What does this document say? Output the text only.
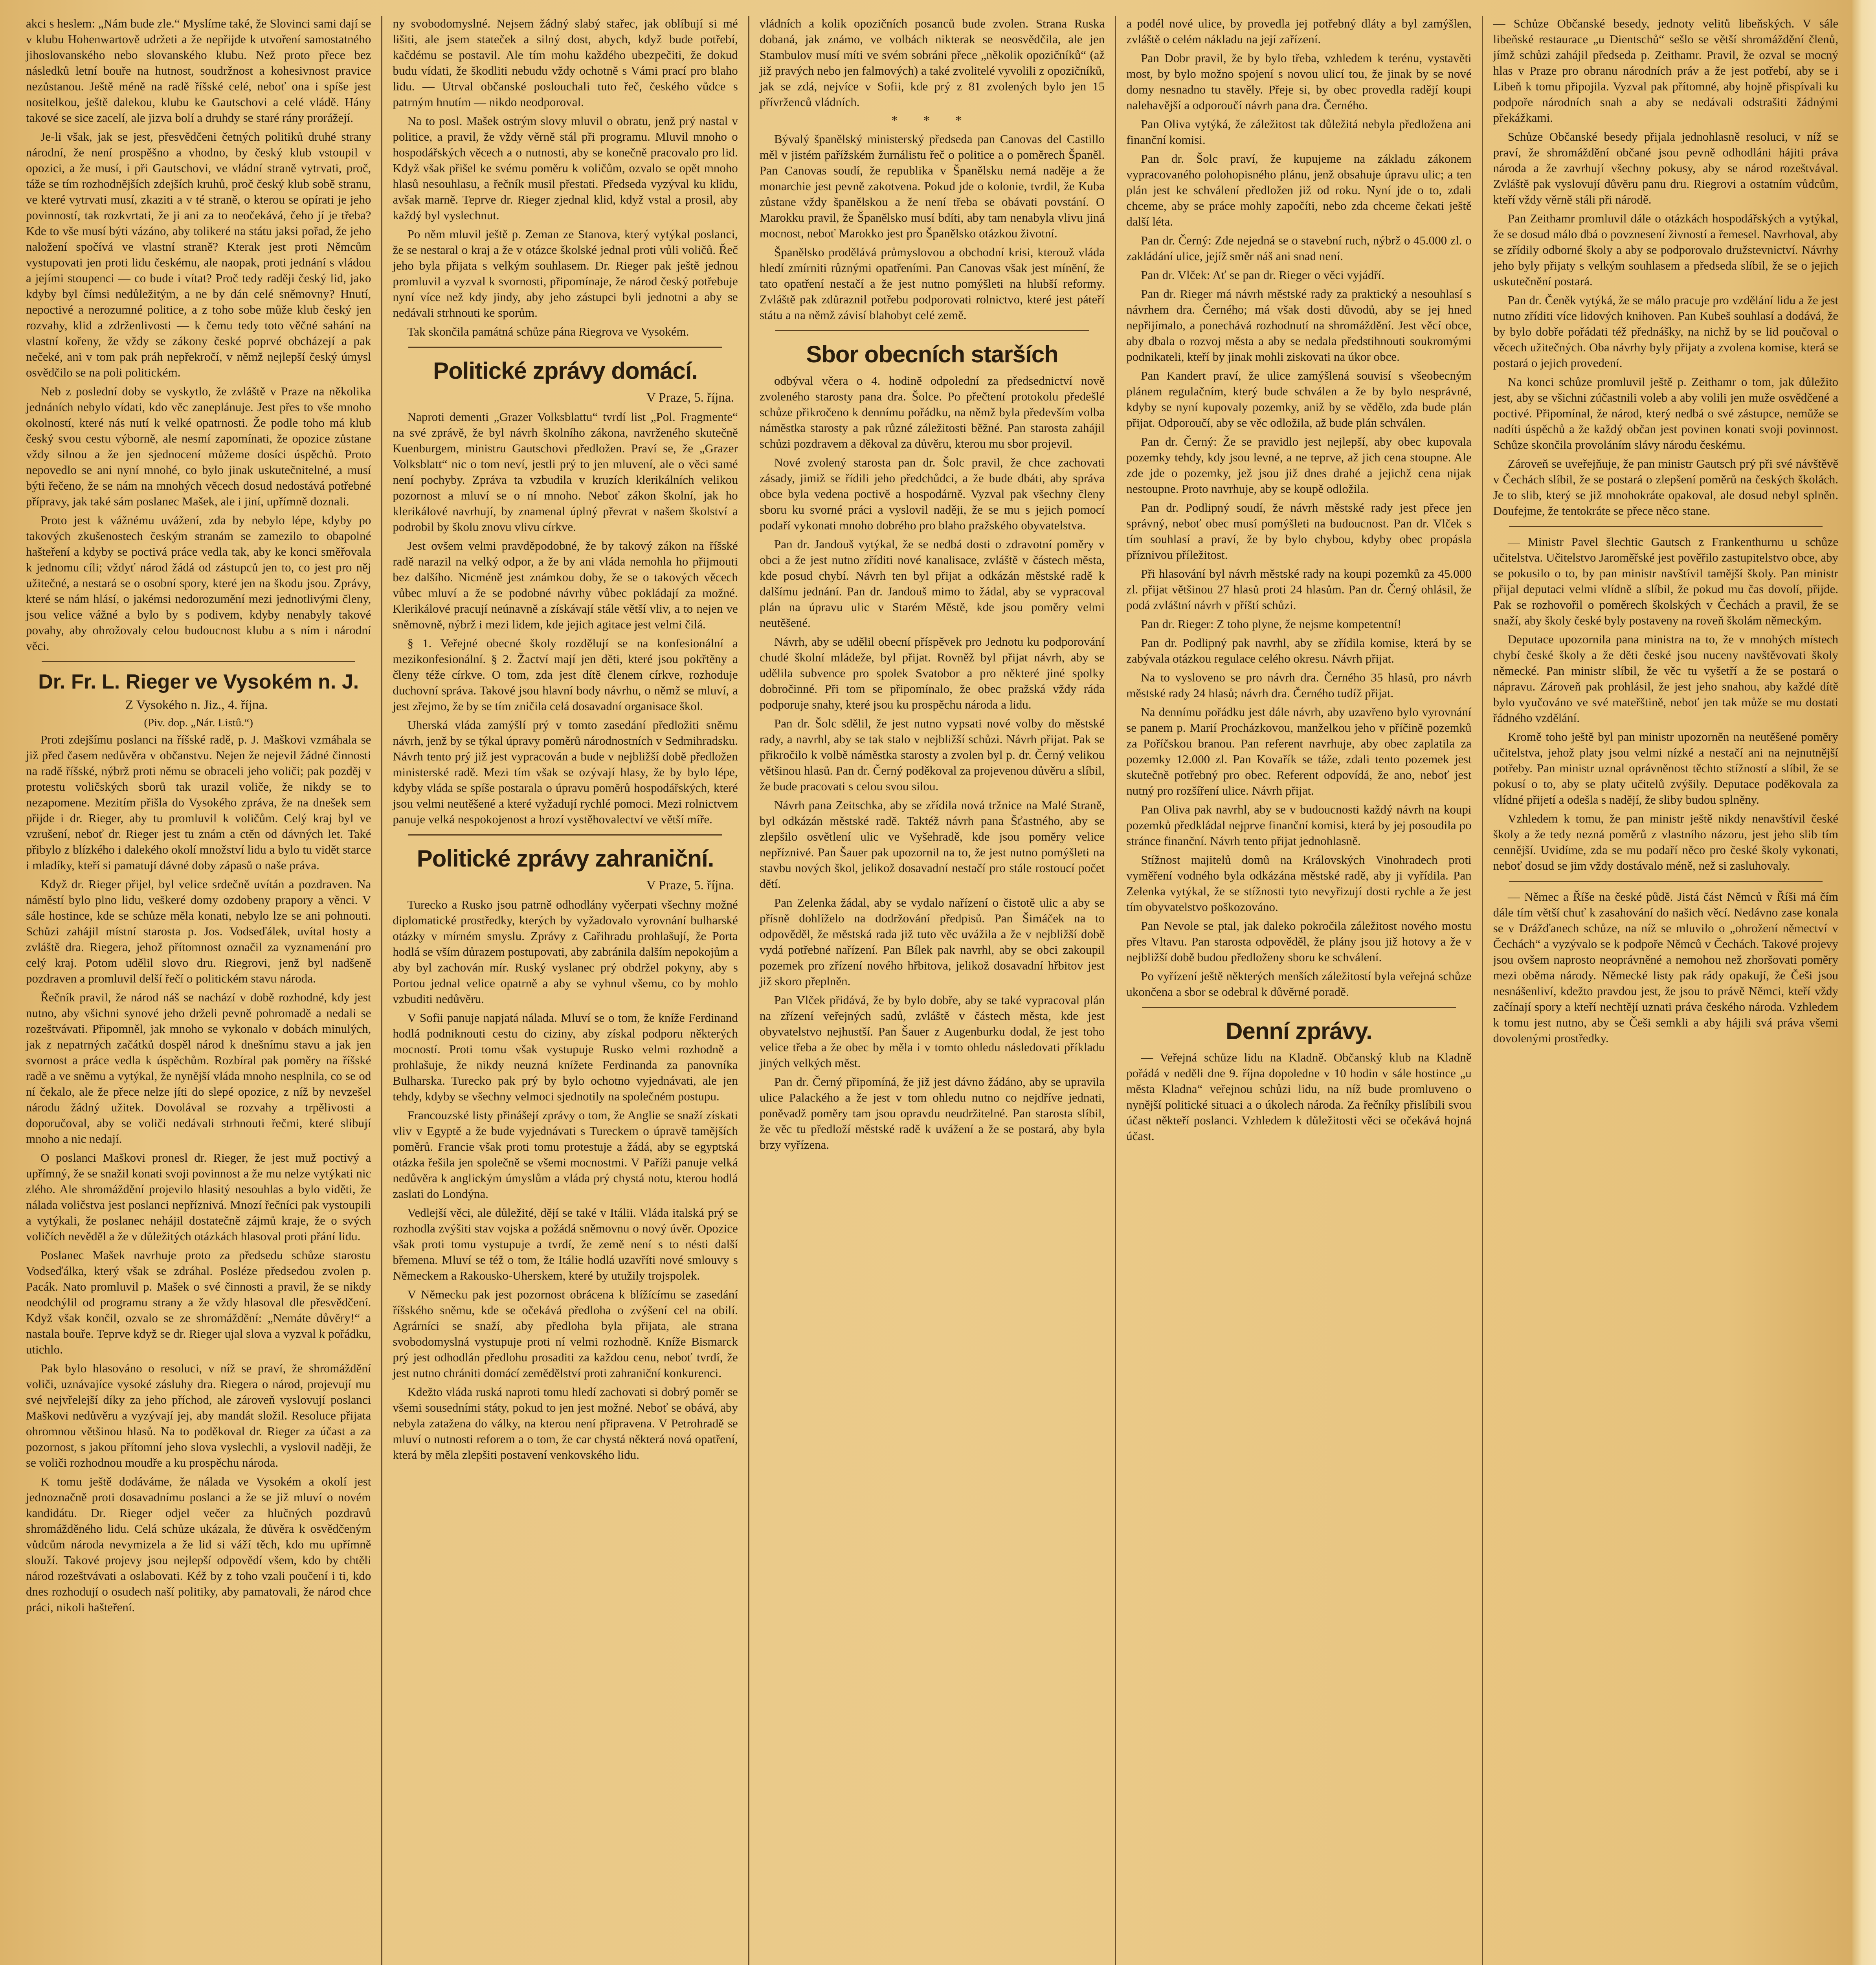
akci s heslem: „Nám bude zle.“ Myslíme také, že Slovinci sami dají se v klubu Hohenwartově udržeti a že nepřijde k utvoření samostatného jihoslovanského nebo slovanského klubu. Než proto přece bez následků letní bouře na hutnost, soudržnost a kohesivnost pravice nezůstanou. Ještě méně na radě říšské celé, neboť ona i spíše jest nositelkou, ještě dalekou, klubu ke Gautschovi a celé vládě. Hány takové se sice zacelí, ale jizva bolí a druhdy se staré rány prorážejí.

Je-li však, jak se jest, přesvědčeni četných politiků druhé strany národní, že není prospěšno a vhodno, by český klub vstoupil v opozici, a že musí, i při Gautschovi, ve vládní straně vytrvati, proč, táže se tím rozhodnějších zdejších kruhů, proč český klub sobě stranu, ve které vytrvati musí, zkaziti a v té straně, o kterou se opírati je jeho povinností, tak rozkvrtati, že ji ani za to neočekává, čeho jí je třeba? Kde to vše musí býti vázáno, aby tolikeré na státu jaksi pořad, že jeho naložení spočívá ve vlastní straně? Kterak jest proti Němcům vystupovati jen proti lidu českému, ale naopak, proti jednání s vládou a jejími stoupenci — co bude i vítat? Proč tedy raději český lid, jako kdyby byl čímsi nedůležitým, a ne by dán celé sněmovny? Hnutí, nepoctivé a nerozumné politice, a z toho sobe může klub český jen rozvahy, klid a zdrženlivosti — k čemu tedy toto věčné sahání na vlastní kořeny, že vždy se zákony české poprvé obcházejí a pak nečeké, ani v tom pak práh nepřekročí, v němž nejlepší český úmysl osvědčilo se na poli politickém.

Neb z poslední doby se vyskytlo, že zvláště v Praze na několika jednáních nebylo vídati, kdo věc zaneplánuje. Jest přes to vše mnoho okolností, které nás nutí k velké opatrnosti. Že podle toho má klub český svou cestu výborně, ale nesmí zapomínati, že opozice zůstane vždy silnou a že jen sjednocení můžeme dosíci úspěchů. Proto nepovedlo se ani nyní mnohé, co bylo jinak uskutečnitelné, a musí býti řečeno, že se nám na mnohých věcech dosud nedostává potřebné přípravy, jak také sám poslanec Mašek, ale i jiní, upřímně doznali.

Proto jest k vážnému uvážení, zda by nebylo lépe, kdyby po takových zkušenostech českým stranám se zamezilo to obapolné hašteření a kdyby se poctivá práce vedla tak, aby ke konci směřovala k jednomu cíli; vždyť národ žádá od zástupců jen to, co jest pro něj užitečné, a nestará se o osobní spory, které jen na škodu jsou. Zprávy, které se nám hlásí, o jakémsi nedorozumění mezi jednotlivými členy, jsou velice vážné a bylo by s podivem, kdyby nenabyly takové povahy, aby ohrožovaly celou budoucnost klubu a s ním i národní věci.

Dr. Fr. L. Rieger ve Vysokém n. J.
Z Vysokého n. Jiz., 4. října.
(Piv. dop. „Nár. Listů.“)

Proti zdejšímu poslanci na říšské radě, p. J. Maškovi vzmáhala se již před časem nedůvěra v občanstvu. Nejen že nejevil žádné činnosti na radě říšské, nýbrž proti němu se obraceli jeho voliči; pak pozděj v protestu voličských sborů tak urazil voliče, že nikdy se to nezapomene. Mezitím přišla do Vysokého zpráva, že na dnešek sem přijde i dr. Rieger, aby tu promluvil k voličům. Celý kraj byl ve vzrušení, neboť dr. Rieger jest tu znám a ctěn od dávných let. Také přibylo z blízkého i dalekého okolí množství lidu a bylo tu vidět starce i mladíky, kteří si pamatují dávné doby zápasů o naše práva.

Když dr. Rieger přijel, byl velice srdečně uvítán a pozdraven. Na náměstí bylo plno lidu, veškeré domy ozdobeny prapory a věnci. V sále hostince, kde se schůze měla konati, nebylo lze se ani pohnouti. Schůzi zahájil místní starosta p. Jos. Vodseďálek, uvítal hosty a zvláště dra. Riegera, jehož přítomnost označil za vyznamenání pro celý kraj. Potom udělil slovo dru. Riegrovi, jenž byl nadšeně pozdraven a promluvil delší řečí o politickém stavu národa.

Řečník pravil, že národ náš se nachází v době rozhodné, kdy jest nutno, aby všichni synové jeho drželi pevně pohromadě a nedali se rozeštvávati. Připomněl, jak mnoho se vykonalo v dobách minulých, jak z nepatrných začátků dospěl národ k dnešnímu stavu a jak jen svornost a práce vedla k úspěchům. Rozbíral pak poměry na říšské radě a ve sněmu a vytýkal, že nynější vláda mnoho nesplnila, co se od ní čekalo, ale že přece nelze jíti do slepé opozice, z níž by nevzešel národu žádný užitek. Dovolával se rozvahy a trpělivosti a doporučoval, aby se voliči nedávali strhnouti řečmi, které slibují mnoho a nic nedají.

O poslanci Maškovi pronesl dr. Rieger, že jest muž poctivý a upřímný, že se snažil konati svoji povinnost a že mu nelze vytýkati nic zlého. Ale shromáždění projevilo hlasitý nesouhlas a bylo viděti, že nálada voličstva jest poslanci nepříznivá. Mnozí řečníci pak vystoupili a vytýkali, že poslanec nehájil dostatečně zájmů kraje, že o svých voličích nevěděl a že v důležitých otázkách hlasoval proti přání lidu.

Poslanec Mašek navrhuje proto za předsedu schůze starostu Vodseďálka, který však se zdráhal. Posléze předsedou zvolen p. Pacák. Nato promluvil p. Mašek o své činnosti a pravil, že se nikdy neodchýlil od programu strany a že vždy hlasoval dle přesvědčení. Když však končil, ozvalo se ze shromáždění: „Nemáte důvěry!“ a nastala bouře. Teprve když se dr. Rieger ujal slova a vyzval k pořádku, utichlo.

Pak bylo hlasováno o resoluci, v níž se praví, že shromáždění voliči, uznávajíce vysoké zásluhy dra. Riegera o národ, projevují mu své nejvřelejší díky za jeho příchod, ale zároveň vyslovují poslanci Maškovi nedůvěru a vyzývají jej, aby mandát složil. Resoluce přijata ohromnou většinou hlasů. Na to poděkoval dr. Rieger za účast a za pozornost, s jakou přítomní jeho slova vyslechli, a vyslovil naději, že se voliči rozhodnou moudře a ku prospěchu národa.

K tomu ještě dodáváme, že nálada ve Vysokém a okolí jest jednoznačně proti dosavadnímu poslanci a že se již mluví o novém kandidátu. Dr. Rieger odjel večer za hlučných pozdravů shromážděného lidu. Celá schůze ukázala, že důvěra k osvědčeným vůdcům národa nevymizela a že lid si váží těch, kdo mu upřímně slouží. Takové projevy jsou nejlepší odpovědí všem, kdo by chtěli národ rozeštvávati a oslabovati. Kéž by z toho vzali poučení i ti, kdo dnes rozhodují o osudech naší politiky, aby pamatovali, že národ chce práci, nikoli hašteření.

ny svobodomyslné. Nejsem žádný slabý stařec, jak oblíbují si mé lišiti, ale jsem stateček a silný dost, abych, když bude potřebí, kačdému se postavil. Ale tím mohu každého ubezpečiti, že dokud budu vídati, že škodliti nebudu vždy ochotně s Vámi prací pro blaho lidu. — Utrval občanské poslouchali tuto řeč, českého vůdce s patrným hnutím — nikdo neodporoval.

Na to posl. Mašek ostrým slovy mluvil o obratu, jenž prý nastal v politice, a pravil, že vždy věrně stál při programu. Mluvil mnoho o hospodářských věcech a o nutnosti, aby se konečně pracovalo pro lid. Když však přišel ke svému poměru k voličům, ozvalo se opět mnoho hlasů nesouhlasu, a řečník musil přestati. Předseda vyzýval ku klidu, avšak marně. Teprve dr. Rieger zjednal klid, když vstal a prosil, aby každý byl vyslechnut.

Po něm mluvil ještě p. Zeman ze Stanova, který vytýkal poslanci, že se nestaral o kraj a že v otázce školské jednal proti vůli voličů. Řeč jeho byla přijata s velkým souhlasem. Dr. Rieger pak ještě jednou promluvil a vyzval k svornosti, připomínaje, že národ český potřebuje nyní více než kdy jindy, aby jeho zástupci byli jednotni a aby se nedávali strhnouti ke sporům.

Tak skončila památná schůze pána Riegrova ve Vysokém.

Politické zprávy domácí.
V Praze, 5. října.

Naproti dementi „Grazer Volksblattu“ tvrdí list „Pol. Fragmente“ na své zprávě, že byl návrh školního zákona, navrženého skutečně Kuenburgem, ministru Gautschovi předložen. Praví se, že „Grazer Volksblatt“ nic o tom neví, jestli prý to jen mluvení, ale o věci samé není pochyby. Zpráva ta vzbudila v kruzích klerikálních velikou pozornost a mluví se o ní mnoho. Neboť zákon školní, jak ho klerikálové navrhují, by znamenal úplný převrat v našem školství a podrobil by školu znovu vlivu církve.

Jest ovšem velmi pravděpodobné, že by takový zákon na říšské radě narazil na velký odpor, a že by ani vláda nemohla ho přijmouti bez dalšího. Nicméně jest známkou doby, že se o takových věcech vůbec mluví a že se podobné návrhy vůbec pokládají za možné. Klerikálové pracují neúnavně a získávají stále větší vliv, a to nejen ve sněmovně, nýbrž i mezi lidem, kde jejich agitace jest velmi čilá.

§ 1. Veřejné obecné školy rozdělují se na konfesionální a mezikonfesionální. § 2. Žactví mají jen děti, které jsou pokřtěny a členy téže církve. O tom, zda jest dítě členem církve, rozhoduje duchovní správa. Takové jsou hlavní body návrhu, o němž se mluví, a jest zřejmo, že by se tím zničila celá dosavadní organisace škol.

Uherská vláda zamýšlí prý v tomto zasedání předložiti sněmu návrh, jenž by se týkal úpravy poměrů národnostních v Sedmihradsku. Návrh tento prý již jest vypracován a bude v nejbližší době předložen ministerské radě. Mezi tím však se ozývají hlasy, že by bylo lépe, kdyby vláda se spíše postarala o úpravu poměrů hospodářských, které jsou velmi neutěšené a které vyžadují rychlé pomoci. Mezi rolnictvem panuje velká nespokojenost a hrozí vystěhovalectví ve větší míře.

Politické zprávy zahraniční.
V Praze, 5. října.

Turecko a Rusko jsou patrně odhodlány vyčerpati všechny možné diplomatické prostředky, kterých by vyžadovalo vyrovnání bulharské otázky v mírném smyslu. Zprávy z Cařihradu prohlašují, že Porta hodlá se vším důrazem postupovati, aby zabránila dalším nepokojům a aby byl zachován mír. Ruský vyslanec prý obdržel pokyny, aby s Portou jednal velice opatrně a aby se vyhnul všemu, co by mohlo vzbuditi nedůvěru.

V Sofii panuje napjatá nálada. Mluví se o tom, že kníže Ferdinand hodlá podniknouti cestu do ciziny, aby získal podporu některých mocností. Proti tomu však vystupuje Rusko velmi rozhodně a prohlašuje, že nikdy neuzná knížete Ferdinanda za panovníka Bulharska. Turecko pak prý by bylo ochotno vyjednávati, ale jen tehdy, kdyby se všechny velmoci sjednotily na společném postupu.

Francouzské listy přinášejí zprávy o tom, že Anglie se snaží získati vliv v Egyptě a že bude vyjednávati s Tureckem o úpravě tamějších poměrů. Francie však proti tomu protestuje a žádá, aby se egyptská otázka řešila jen společně se všemi mocnostmi. V Paříži panuje velká nedůvěra k anglickým úmyslům a vláda prý chystá notu, kterou hodlá zaslati do Londýna.

Vedlejší věci, ale důležité, dějí se také v Itálii. Vláda italská prý se rozhodla zvýšiti stav vojska a požádá sněmovnu o nový úvěr. Opozice však proti tomu vystupuje a tvrdí, že země není s to nésti další břemena. Mluví se též o tom, že Itálie hodlá uzavříti nové smlouvy s Německem a Rakousko-Uherskem, které by utužily trojspolek.

V Německu pak jest pozornost obrácena k blížícímu se zasedání říšského sněmu, kde se očekává předloha o zvýšení cel na obilí. Agrárníci se snaží, aby předloha byla přijata, ale strana svobodomyslná vystupuje proti ní velmi rozhodně. Kníže Bismarck prý jest odhodlán předlohu prosaditi za každou cenu, neboť tvrdí, že jest nutno chrániti domácí zemědělství proti zahraniční konkurenci.

Kdežto vláda ruská naproti tomu hledí zachovati si dobrý poměr se všemi sousedními státy, pokud to jen jest možné. Neboť se obává, aby nebyla zatažena do války, na kterou není připravena. V Petrohradě se mluví o nutnosti reforem a o tom, že car chystá některá nová opatření, která by měla zlepšiti postavení venkovského lidu.

vládních a kolik opozičních posanců bude zvolen. Strana Ruska dobaná, jak známo, ve volbách nikterak se neosvědčila, ale jen Stambulov musí míti ve svém sobráni přece „několik opozičníků“ (až již pravých nebo jen falmových) a také zvolitelé vyvolili z opozičníků, jak se zdá, nejvíce v Sofii, kde prý z 81 zvolených bylo jen 15 přívrženců vládních.

* * *

Bývalý španělský ministerský předseda pan Canovas del Castillo měl v jistém pařížském žurnálistu řeč o politice a o poměrech Španěl. Pan Canovas soudí, že republika v Španělsku nemá naděje a že monarchie jest pevně zakotvena. Pokud jde o kolonie, tvrdil, že Kuba zůstane vždy španělskou a že není třeba se obávati povstání. O Marokku pravil, že Španělsko musí bdíti, aby tam nenabyla vlivu jiná mocnost, neboť Marokko jest pro Španělsko otázkou životní.

Španělsko prodělává průmyslovou a obchodní krisi, kterouž vláda hledí zmírniti různými opatřeními. Pan Canovas však jest mínění, že tato opatření nestačí a že jest nutno pomýšleti na hlubší reformy. Zvláště pak zdůraznil potřebu podporovati rolnictvo, které jest páteří státu a na němž závisí blahobyt celé země.

Sbor obecních starších

odbýval včera o 4. hodině odpolední za předsednictví nově zvoleného starosty pana dra. Šolce. Po přečtení protokolu předešlé schůze přikročeno k dennímu pořádku, na němž byla především volba náměstka starosty a pak různé záležitosti běžné. Pan starosta zahájil schůzi pozdravem a děkoval za důvěru, kterou mu sbor projevil.

Nové zvolený starosta pan dr. Šolc pravil, že chce zachovati zásady, jimiž se řídili jeho předchůdci, a že bude dbáti, aby správa obce byla vedena poctivě a hospodárně. Vyzval pak všechny členy sboru ku svorné práci a vyslovil naději, že se mu s jejich pomocí podaří vykonati mnoho dobrého pro blaho pražského obyvatelstva.

Pan dr. Jandouš vytýkal, že se nedbá dosti o zdravotní poměry v obci a že jest nutno zříditi nové kanalisace, zvláště v částech města, kde posud chybí. Návrh ten byl přijat a odkázán městské radě k dalšímu jednání. Pan dr. Jandouš mimo to žádal, aby se vypracoval plán na úpravu ulic v Starém Městě, kde jsou poměry velmi neutěšené.

Návrh, aby se udělil obecní příspěvek pro Jednotu ku podporování chudé školní mládeže, byl přijat. Rovněž byl přijat návrh, aby se udělila subvence pro spolek Svatobor a pro některé jiné spolky dobročinné. Při tom se připomínalo, že obec pražská vždy ráda podporuje snahy, které jsou ku prospěchu národa a lidu.

Pan dr. Šolc sdělil, že jest nutno vypsati nové volby do městské rady, a navrhl, aby se tak stalo v nejbližší schůzi. Návrh přijat. Pak se přikročilo k volbě náměstka starosty a zvolen byl p. dr. Černý velikou většinou hlasů. Pan dr. Černý poděkoval za projevenou důvěru a slíbil, že bude pracovati s celou svou silou.

Návrh pana Zeitschka, aby se zřídila nová tržnice na Malé Straně, byl odkázán městské radě. Taktéž návrh pana Šťastného, aby se zlepšilo osvětlení ulic ve Vyšehradě, kde jsou poměry velice nepříznivé. Pan Šauer pak upozornil na to, že jest nutno pomýšleti na stavbu nových škol, jelikož dosavadní nestačí pro stále rostoucí počet dětí.

Pan Zelenka žádal, aby se vydalo nařízení o čistotě ulic a aby se přísně dohlíželo na dodržování předpisů. Pan Šimáček na to odpověděl, že městská rada již tuto věc uvážila a že v nejbližší době vydá potřebné nařízení. Pan Bílek pak navrhl, aby se obci zakoupil pozemek pro zřízení nového hřbitova, jelikož dosavadní hřbitov jest již skoro přeplněn.

Pan Vlček přidává, že by bylo dobře, aby se také vypracoval plán na zřízení veřejných sadů, zvláště v částech města, kde jest obyvatelstvo nejhustší. Pan Šauer z Augenburku dodal, že jest toho velice třeba a že obec by měla i v tomto ohledu následovati příkladu jiných velkých měst.

Pan dr. Černý připomíná, že již jest dávno žádáno, aby se upravila ulice Palackého a že jest v tom ohledu nutno co nejdříve jednati, poněvadž poměry tam jsou opravdu neudržitelné. Pan starosta slíbil, že věc tu předloží městské radě k uvážení a že se postará, aby byla brzy vyřízena.

a podél nové ulice, by provedla jej potřebný dláty a byl zamýšlen, zvláště o celém nákladu na její zařízení.

Pan Dobr pravil, že by bylo třeba, vzhledem k terénu, vystavěti most, by bylo možno spojení s novou ulicí tou, že jinak by se nové domy nesnadno tu stavěly. Přeje si, by obec provedla radějí koupi nalehavější a odporoučí návrh pana dra. Černého.

Pan Oliva vytýká, že záležitost tak důležitá nebyla předložena ani finanční komisi.

Pan dr. Šolc praví, že kupujeme na základu zákonem vypracovaného polohopisného plánu, jenž obsahuje úpravu ulic; a ten plán jest ke schválení předložen již od roku. Nyní jde o to, zdali chceme, aby se práce mohly započíti, nebo zda chceme čekati ještě další léta.

Pan dr. Černý: Zde nejedná se o stavební ruch, nýbrž o 45.000 zl. o zakládání ulice, jejíž směr náš ani snad není.

Pan dr. Vlček: Ať se pan dr. Rieger o věci vyjádří.

Pan dr. Rieger má návrh městské rady za praktický a nesouhlasí s návrhem dra. Černého; má však dosti důvodů, aby se jej hned nepřijímalo, a ponechává rozhodnutí na shromáždění. Jest věcí obce, aby dbala o rozvoj města a aby se nedala předstihnouti soukromými podnikateli, kteří by jinak mohli ziskovati na úkor obce.

Pan Kandert praví, že ulice zamýšlená souvisí s všeobecným plánem regulačním, který bude schválen a že by bylo nesprávné, kdyby se nyní kupovaly pozemky, aniž by se vědělo, zda bude plán přijat. Odporoučí, aby se věc odložila, až bude plán schválen.

Pan dr. Černý: Že se pravidlo jest nejlepší, aby obec kupovala pozemky tehdy, kdy jsou levné, a ne teprve, až jich cena stoupne. Ale zde jde o pozemky, jež jsou již dnes drahé a jejichž cena nijak nestoupne. Proto navrhuje, aby se koupě odložila.

Pan dr. Podlipný soudí, že návrh městské rady jest přece jen správný, neboť obec musí pomýšleti na budoucnost. Pan dr. Vlček s tím souhlasí a praví, že by bylo chybou, kdyby obec propásla příznivou příležitost.

Při hlasování byl návrh městské rady na koupi pozemků za 45.000 zl. přijat většinou 27 hlasů proti 24 hlasům. Pan dr. Černý ohlásil, že podá zvláštní návrh v příští schůzi.

Pan dr. Rieger: Z toho plyne, že nejsme kompetentní!

Pan dr. Podlipný pak navrhl, aby se zřídila komise, která by se zabývala otázkou regulace celého okresu. Návrh přijat.

Na to vysloveno se pro návrh dra. Černého 35 hlasů, pro návrh městské rady 24 hlasů; návrh dra. Černého tudíž přijat.

Na dennímu pořádku jest dále návrh, aby uzavřeno bylo vyrovnání se panem p. Marií Procházkovou, manželkou jeho v příčině pozemků za Poříčskou branou. Pan referent navrhuje, aby obec zaplatila za pozemky 12.000 zl. Pan Kovařík se táže, zdali tento pozemek jest skutečně potřebný pro obec. Referent odpovídá, že ano, neboť jest nutný pro rozšíření ulice. Návrh přijat.

Pan Oliva pak navrhl, aby se v budoucnosti každý návrh na koupi pozemků předkládal nejprve finanční komisi, která by jej posoudila po stránce finanční. Návrh tento přijat jednohlasně.

Stížnost majitelů domů na Královských Vinohradech proti vyměření vodného byla odkázána městské radě, aby ji vyřídila. Pan Zelenka vytýkal, že se stížnosti tyto nevyřizují dosti rychle a že jest tím obyvatelstvo poškozováno.

Pan Nevole se ptal, jak daleko pokročila záležitost nového mostu přes Vltavu. Pan starosta odpověděl, že plány jsou již hotovy a že v nejbližší době budou předloženy sboru ke schválení.

Po vyřízení ještě některých menších záležitostí byla veřejná schůze ukončena a sbor se odebral k důvěrné poradě.

Denní zprávy.

— Veřejná schůze lidu na Kladně. Občanský klub na Kladně pořádá v neděli dne 9. října dopoledne v 10 hodin v sále hostince „u města Kladna“ veřejnou schůzi lidu, na níž bude promluveno o nynější politické situaci a o úkolech národa. Za řečníky přislíbili svou účast někteří poslanci. Vzhledem k důležitosti věci se očekává hojná účast.

— Schůze Občanské besedy, jednoty velitů libeňských. V sále libeňské restaurace „u Dientschů“ sešlo se větší shromáždění členů, jímž schůzi zahájil předseda p. Zeithamr. Pravil, že ozval se mocný hlas v Praze pro obranu národních práv a že jest potřebí, aby se i Libeň k tomu připojila. Vyzval pak přítomné, aby hojně přispívali ku podpoře národních snah a aby se nedávali odstrašiti žádnými překážkami.

Schůze Občanské besedy přijala jednohlasně resoluci, v níž se praví, že shromáždění občané jsou pevně odhodláni hájiti práva národa a že zavrhují všechny pokusy, aby se národ rozeštvával. Zvláště pak vyslovují důvěru panu dru. Riegrovi a ostatním vůdcům, kteří vždy věrně stáli při národě.

Pan Zeithamr promluvil dále o otázkách hospodářských a vytýkal, že se dosud málo dbá o povznesení živností a řemesel. Navrhoval, aby se zřídily odborné školy a aby se podporovalo družstevnictví. Návrhy jeho byly přijaty s velkým souhlasem a předseda slíbil, že se o jejich uskutečnění postará.

Pan dr. Čeněk vytýká, že se málo pracuje pro vzdělání lidu a že jest nutno zříditi více lidových knihoven. Pan Kubeš souhlasí a dodává, že by bylo dobře pořádati též přednášky, na nichž by se lid poučoval o věcech užitečných. Oba návrhy byly přijaty a zvolena komise, která se postará o jejich provedení.

Na konci schůze promluvil ještě p. Zeithamr o tom, jak důležito jest, aby se všichni zúčastnili voleb a aby volili jen muže osvědčené a poctivé. Připomínal, že národ, který nedbá o své zástupce, nemůže se nadíti úspěchů a že každý občan jest povinen konati svoji povinnost. Schůze skončila provoláním slávy národu českému.

Zároveň se uveřejňuje, že pan ministr Gautsch prý při své návštěvě v Čechách slíbil, že se postará o zlepšení poměrů na českých školách. Je to slib, který se již mnohokráte opakoval, ale dosud nebyl splněn. Doufejme, že tentokráte se přece něco stane.

— Ministr Pavel šlechtic Gautsch z Frankenthurnu u schůze učitelstva. Učitelstvo Jaroměřské jest pověřilo zastupitelstvo obce, aby se pokusilo o to, by pan ministr navštívil tamější školy. Pan ministr přijal deputaci velmi vlídně a slíbil, že pokud mu čas dovolí, přijde. Pak se rozhovořil o poměrech školských v Čechách a pravil, že se snaží, aby školy české byly postaveny na roveň školám německým.

Deputace upozornila pana ministra na to, že v mnohých místech chybí české školy a že děti české jsou nuceny navštěvovati školy německé. Pan ministr slíbil, že věc tu vyšetří a že se postará o nápravu. Zároveň pak prohlásil, že jest jeho snahou, aby každé dítě bylo vyučováno ve své mateřštině, neboť jen tak může se mu dostati řádného vzdělání.

Kromě toho ještě byl pan ministr upozorněn na neutěšené poměry učitelstva, jehož platy jsou velmi nízké a nestačí ani na nejnutnější potřeby. Pan ministr uznal oprávněnost těchto stížností a slíbil, že se pokusí o to, aby se platy učitelů zvýšily. Deputace poděkovala za vlídné přijetí a odešla s nadějí, že sliby budou splněny.

Vzhledem k tomu, že pan ministr ještě nikdy nenavštívil české školy a že tedy nezná poměrů z vlastního názoru, jest jeho slib tím cennější. Uvidíme, zda se mu podaří něco pro české školy vykonati, neboť dosud se jim vždy dostávalo méně, než si zasluhovaly.

— Němec a Říše na české půdě. Jistá část Němců v Říši má čím dále tím větší chuť k zasahování do našich věcí. Nedávno zase konala se v Drážďanech schůze, na níž se mluvilo o „ohrožení němectví v Čechách“ a vyzývalo se k podpoře Němců v Čechách. Takové projevy jsou ovšem naprosto neoprávněné a nemohou než zhoršovati poměry mezi oběma národy. Německé listy pak rády opakují, že Češi jsou nesnášenliví, kdežto pravdou jest, že jsou to právě Němci, kteří vždy začínají spory a kteří nechtějí uznati práva českého národa. Vzhledem k tomu jest nutno, aby se Češi semkli a aby hájili svá práva všemi dovolenými prostředky.
